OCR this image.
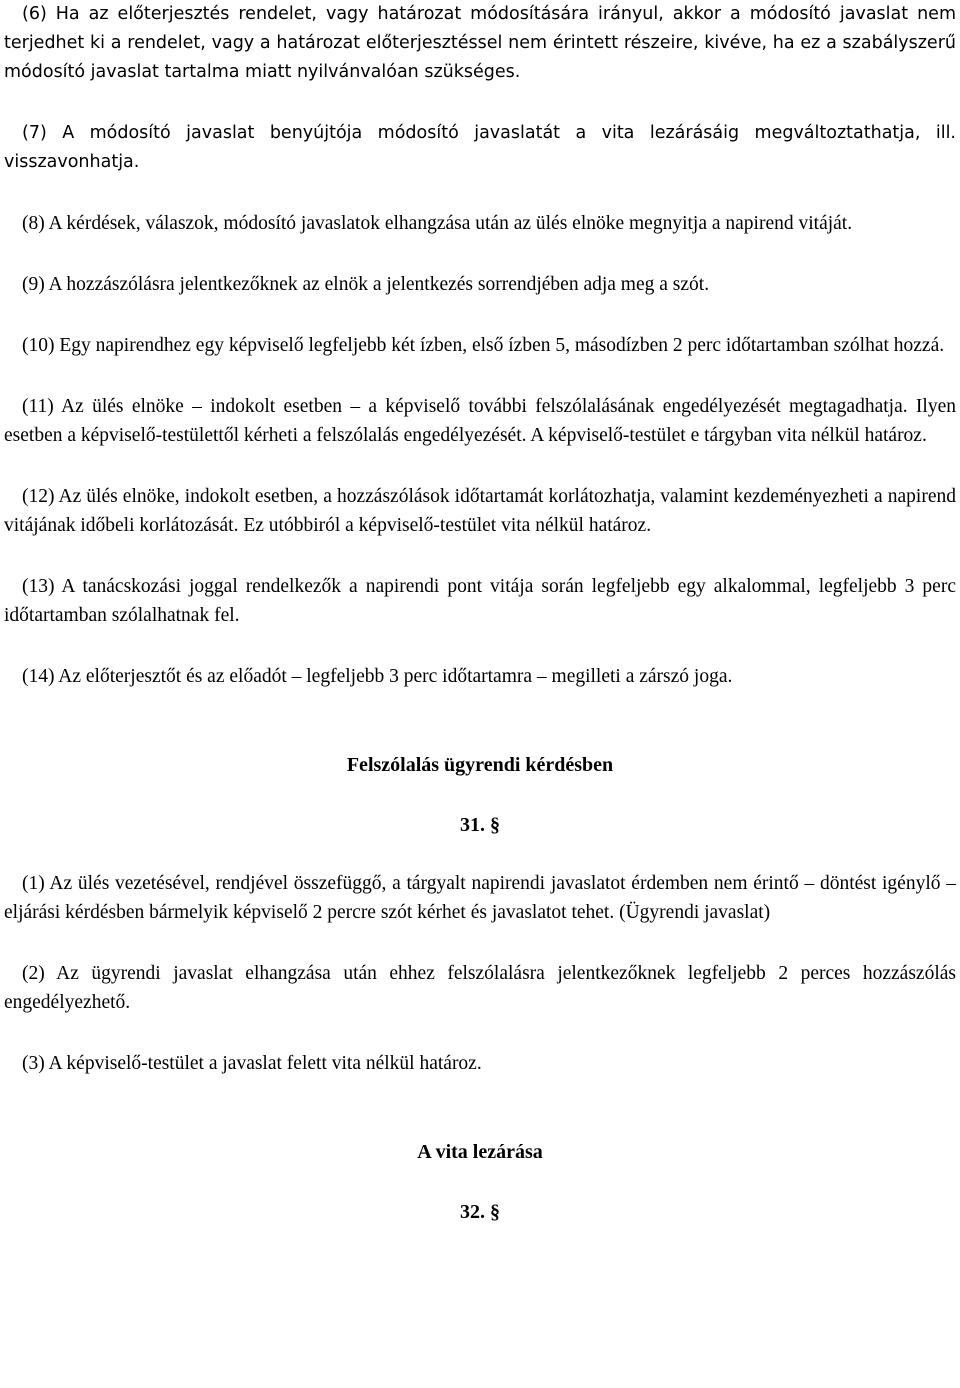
(6) Ha az előterjesztés rendelet, vagy határozat módosítására irányul, akkor a módosító javaslat nem terjedhet ki a rendelet, vagy a határozat előterjesztéssel nem érintett részeire, kivéve, ha ez a szabályszerű módosító javaslat tartalma miatt nyilvánvalóan szükséges.

(7) A módosító javaslat benyújtója módosító javaslatát a vita lezárásáig megváltoztathatja, ill. visszavonhatja.

(8) A kérdések, válaszok, módosító javaslatok elhangzása után az ülés elnöke megnyitja a napirend vitáját.

(9) A hozzászólásra jelentkezőknek az elnök a jelentkezés sorrendjében adja meg a szót.

(10) Egy napirendhez egy képviselő legfeljebb két ízben, első ízben 5, másodízben 2 perc időtartamban szólhat hozzá.

(11) Az ülés elnöke – indokolt esetben – a képviselő további felszólalásának engedélyezését megtagadhatja. Ilyen esetben a képviselő-testülettől kérheti a felszólalás engedélyezését. A képviselő-testület e tárgyban vita nélkül határoz.

(12) Az ülés elnöke, indokolt esetben, a hozzászólások időtartamát korlátozhatja, valamint kezdeményezheti a napirend vitájának időbeli korlátozását. Ez utóbbiról a képviselő-testület vita nélkül határoz.

(13) A tanácskozási joggal rendelkezők a napirendi pont vitája során legfeljebb egy alkalommal, legfeljebb 3 perc időtartamban szólalhatnak fel.

(14) Az előterjesztőt és az előadót – legfeljebb 3 perc időtartamra – megilleti a zárszó joga.

Felszólalás ügyrendi kérdésben

31. §

(1) Az ülés vezetésével, rendjével összefüggő, a tárgyalt napirendi javaslatot érdemben nem érintő – döntést igénylő – eljárási kérdésben bármelyik képviselő 2 percre szót kérhet és javaslatot tehet. (Ügyrendi javaslat)

(2) Az ügyrendi javaslat elhangzása után ehhez felszólalásra jelentkezőknek legfeljebb 2 perces hozzászólás engedélyezhető.

(3) A képviselő-testület a javaslat felett vita nélkül határoz.

A vita lezárása

32. §
